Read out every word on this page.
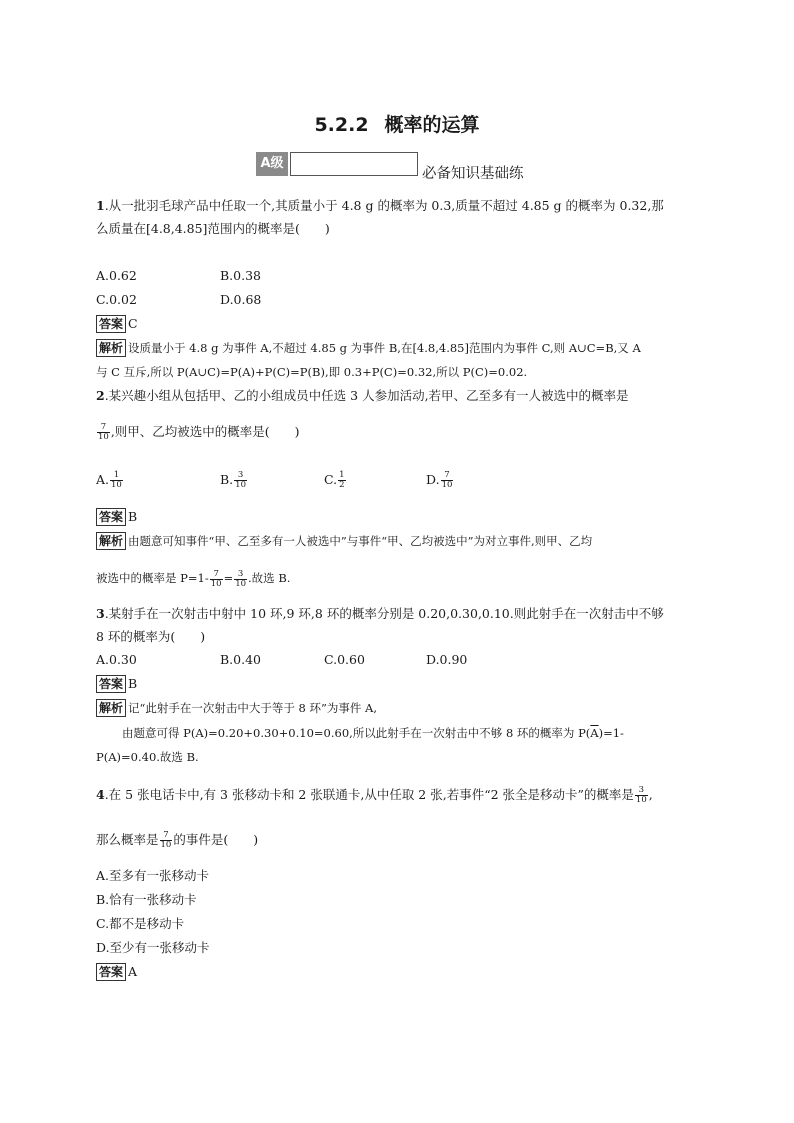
5.2.2 概率的运算
A级
必备知识基础练
1.从一批羽毛球产品中任取一个,其质量小于 4.8 g 的概率为 0.3,质量不超过 4.85 g 的概率为 0.32,那
么质量在[4.8,4.85]范围内的概率是(　　)
A.0.62	B.0.38
C.0.02	D.0.68
答案 C
解析 设质量小于 4.8 g 为事件 A,不超过 4.85 g 为事件 B,在[4.8,4.85]范围内为事件 C,则 A∪C=B,又 A
与 C 互斥,所以 P(A∪C)=P(A)+P(C)=P(B),即 0.3+P(C)=0.32,所以 P(C)=0.02.
2.某兴趣小组从包括甲、乙的小组成员中任选 3 人参加活动,若甲、乙至多有一人被选中的概率是
$\frac{7}{10}$ ,则甲、乙均被选中的概率是(　　)
A. $\frac{1}{10}$	B. $\frac{3}{10}$	C. $\frac{1}{2}$	D. $\frac{7}{10}$
答案 B
解析 由题意可知事件“甲、乙至多有一人被选中”与事件“甲、乙均被选中”为对立事件,则甲、乙均
被选中的概率是 $P=1- \frac{7}{10} = \frac{3}{10}$ .故选 B.
3.某射手在一次射击中射中 10 环,9 环,8 环的概率分别是 0.20,0.30,0.10.则此射手在一次射击中不够
8 环的概率为(　　)
A.0.30	B.0.40	C.0.60	D.0.90
答案 B
解析 记“此射手在一次射击中大于等于 8 环”为事件 A,
由题意可得 P(A)=0.20+0.30+0.10=0.60,所以此射手在一次射击中不够 8 环的概率为 $P(\overline{A})=1-$
P(A)=0.40.故选 B.
4.在 5 张电话卡中,有 3 张移动卡和 2 张联通卡,从中任取 2 张,若事件“2 张全是移动卡”的概率是 $\frac{3}{10}$ ,
那么概率是 $\frac{7}{10}$ 的事件是(　　)
A.至多有一张移动卡
B.恰有一张移动卡
C.都不是移动卡
D.至少有一张移动卡
答案 A
